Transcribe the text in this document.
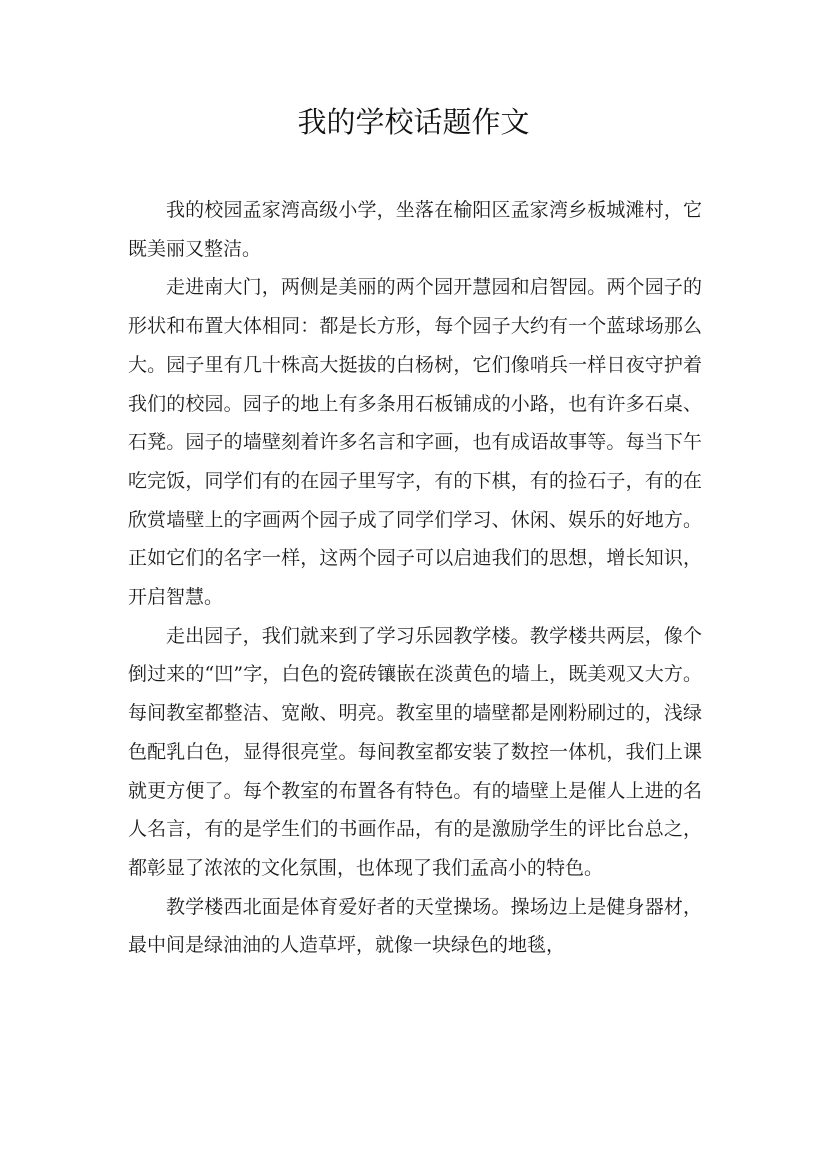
我的学校话题作文

我的校园孟家湾高级小学，坐落在榆阳区孟家湾乡板城滩村，它既美丽又整洁。

走进南大门，两侧是美丽的两个园开慧园和启智园。两个园子的形状和布置大体相同：都是长方形，每个园子大约有一个蓝球场那么大。园子里有几十株高大挺拔的白杨树，它们像哨兵一样日夜守护着我们的校园。园子的地上有多条用石板铺成的小路，也有许多石桌、石凳。园子的墙壁刻着许多名言和字画，也有成语故事等。每当下午吃完饭，同学们有的在园子里写字，有的下棋，有的捡石子，有的在欣赏墙壁上的字画两个园子成了同学们学习、休闲、娱乐的好地方。正如它们的名字一样，这两个园子可以启迪我们的思想，增长知识，开启智慧。

走出园子，我们就来到了学习乐园教学楼。教学楼共两层，像个倒过来的“凹”字，白色的瓷砖镶嵌在淡黄色的墙上，既美观又大方。每间教室都整洁、宽敞、明亮。教室里的墙壁都是刚粉刷过的，浅绿色配乳白色，显得很亮堂。每间教室都安装了数控一体机，我们上课就更方便了。每个教室的布置各有特色。有的墙壁上是催人上进的名人名言，有的是学生们的书画作品，有的是激励学生的评比台总之，都彰显了浓浓的文化氛围，也体现了我们孟高小的特色。

教学楼西北面是体育爱好者的天堂操场。操场边上是健身器材，最中间是绿油油的人造草坪，就像一块绿色的地毯，
